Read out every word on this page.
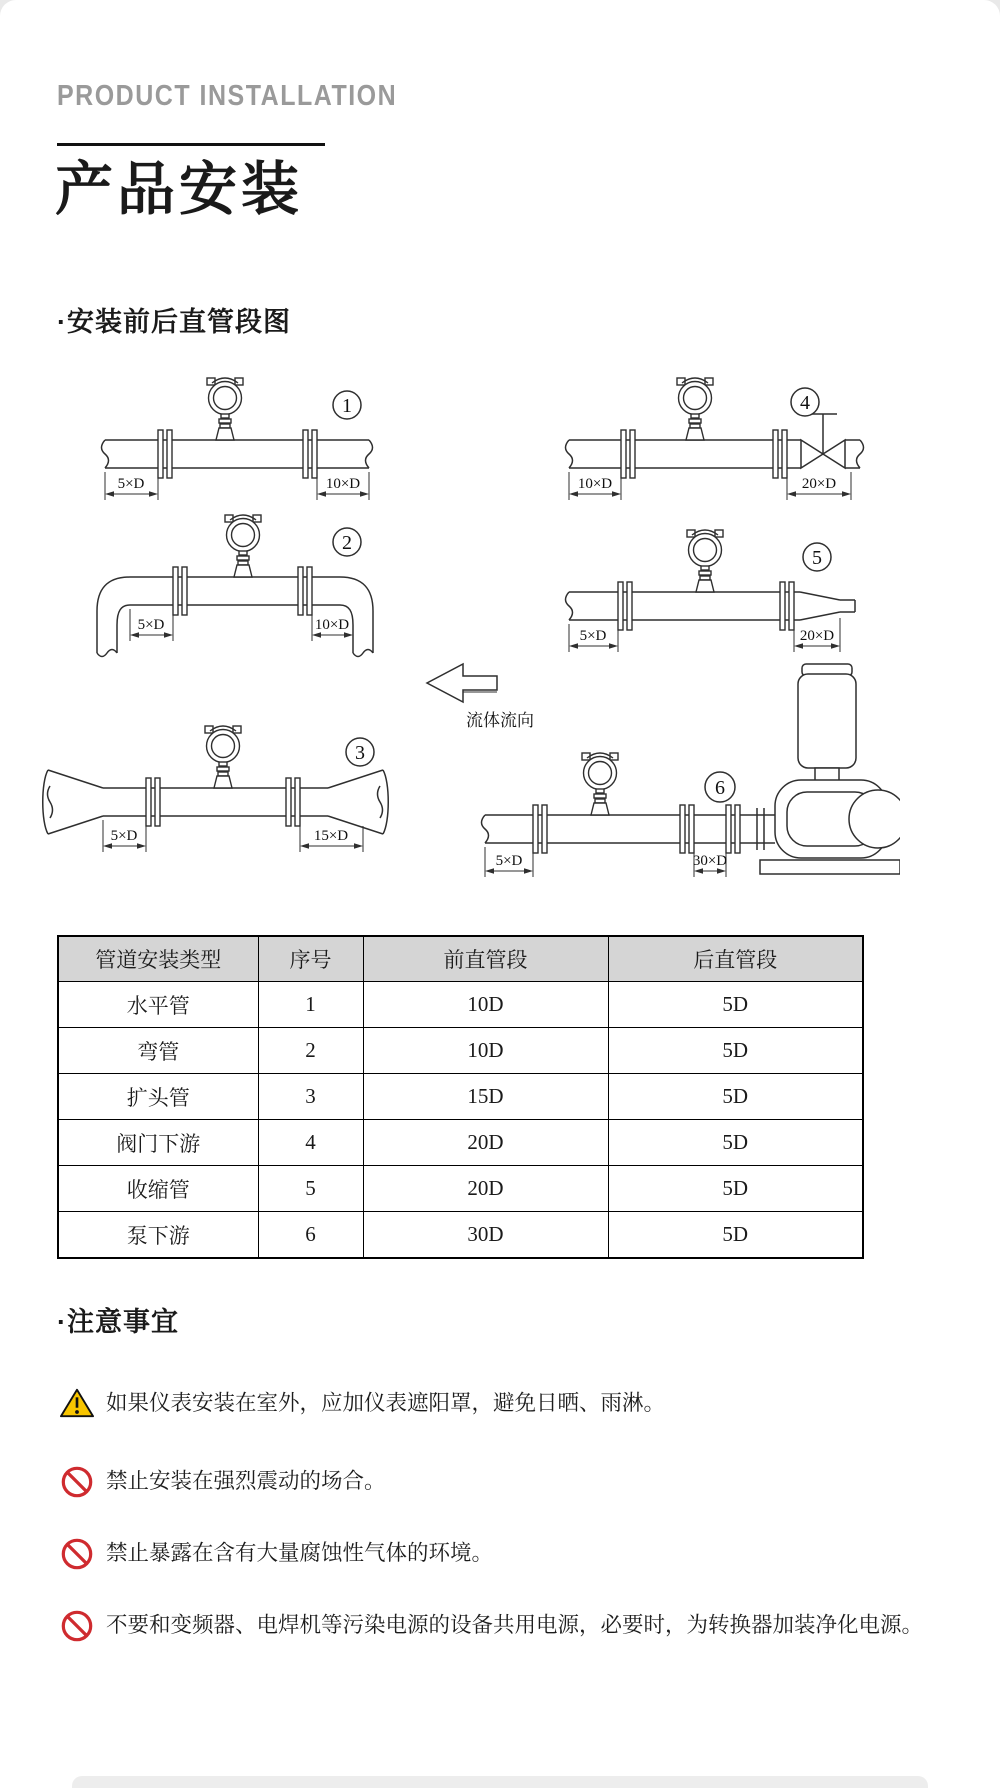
PRODUCT INSTALLATION
产品安装
·安装前后直管段图
1
5×D	10×D
4
10×D	20×D
2
5×D	10×D
5
5×D	20×D
流体流向
3
5×D	15×D
6
5×D	30×D
管道安装类型	序号	前直管段	后直管段
水平管	1	10D	5D
弯管	2	10D	5D
扩头管	3	15D	5D
阀门下游	4	20D	5D
收缩管	5	20D	5D
泵下游	6	30D	5D
·注意事宜
如果仪表安装在室外，应加仪表遮阳罩，避免日晒、雨淋。
禁止安装在强烈震动的场合。
禁止暴露在含有大量腐蚀性气体的环境。
不要和变频器、电焊机等污染电源的设备共用电源，必要时，为转换器加装净化电源。
